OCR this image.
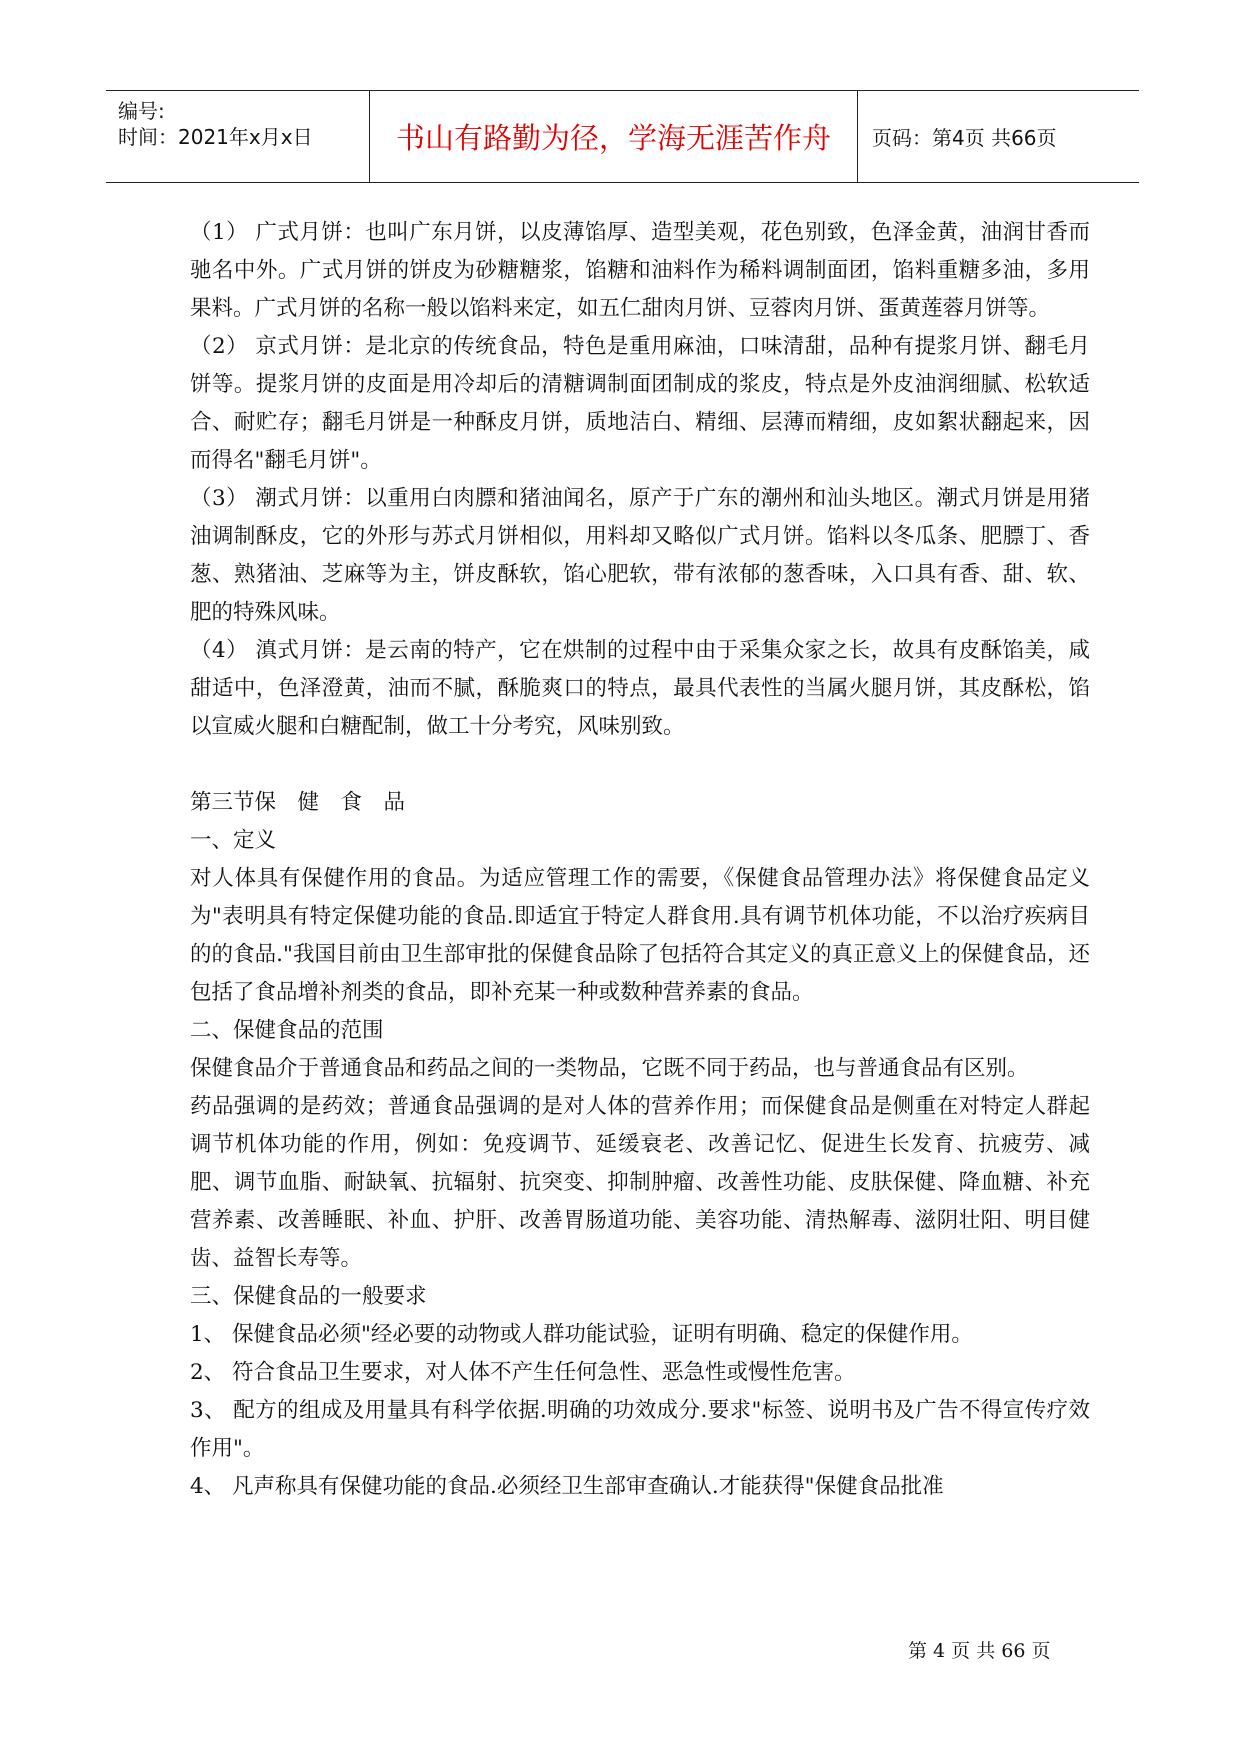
编号:
时间：2021年x月x日	书山有路勤为径，学海无涯苦作舟	页码：第4页 共66页

（1） 广式月饼：也叫广东月饼，以皮薄馅厚、造型美观，花色别致，色泽金黄，油润甘香而驰名中外。广式月饼的饼皮为砂糖糖浆，馅糖和油料作为稀料调制面团，馅料重糖多油，多用果料。广式月饼的名称一般以馅料来定，如五仁甜肉月饼、豆蓉肉月饼、蛋黄莲蓉月饼等。

（2） 京式月饼：是北京的传统食品，特色是重用麻油，口味清甜，品种有提浆月饼、翻毛月饼等。提浆月饼的皮面是用冷却后的清糖调制面团制成的浆皮，特点是外皮油润细腻、松软适合、耐贮存；翻毛月饼是一种酥皮月饼，质地洁白、精细、层薄而精细，皮如絮状翻起来，因而得名"翻毛月饼"。

（3） 潮式月饼：以重用白肉膘和猪油闻名，原产于广东的潮州和汕头地区。潮式月饼是用猪油调制酥皮，它的外形与苏式月饼相似，用料却又略似广式月饼。馅料以冬瓜条、肥膘丁、香葱、熟猪油、芝麻等为主，饼皮酥软，馅心肥软，带有浓郁的葱香味，入口具有香、甜、软、肥的特殊风味。

（4） 滇式月饼：是云南的特产，它在烘制的过程中由于采集众家之长，故具有皮酥馅美，咸甜适中，色泽澄黄，油而不腻，酥脆爽口的特点，最具代表性的当属火腿月饼，其皮酥松，馅以宣威火腿和白糖配制，做工十分考究，风味别致。

第三节保　健　食　品

一、定义

对人体具有保健作用的食品。为适应管理工作的需要，《保健食品管理办法》将保健食品定义为"表明具有特定保健功能的食品.即适宜于特定人群食用.具有调节机体功能，不以治疗疾病目的的食品."我国目前由卫生部审批的保健食品除了包括符合其定义的真正意义上的保健食品，还包括了食品增补剂类的食品，即补充某一种或数种营养素的食品。

二、保健食品的范围

保健食品介于普通食品和药品之间的一类物品，它既不同于药品，也与普通食品有区别。

药品强调的是药效；普通食品强调的是对人体的营养作用；而保健食品是侧重在对特定人群起调节机体功能的作用，例如：免疫调节、延缓衰老、改善记忆、促进生长发育、抗疲劳、减肥、调节血脂、耐缺氧、抗辐射、抗突变、抑制肿瘤、改善性功能、皮肤保健、降血糖、补充营养素、改善睡眠、补血、护肝、改善胃肠道功能、美容功能、清热解毒、滋阴壮阳、明目健齿、益智长寿等。

三、保健食品的一般要求

1、 保健食品必须"经必要的动物或人群功能试验，证明有明确、稳定的保健作用。

2、 符合食品卫生要求，对人体不产生任何急性、恶急性或慢性危害。

3、 配方的组成及用量具有科学依据.明确的功效成分.要求"标签、说明书及广告不得宣传疗效作用"。

4、 凡声称具有保健功能的食品.必须经卫生部审查确认.才能获得"保健食品批准

第 4 页 共 66 页
